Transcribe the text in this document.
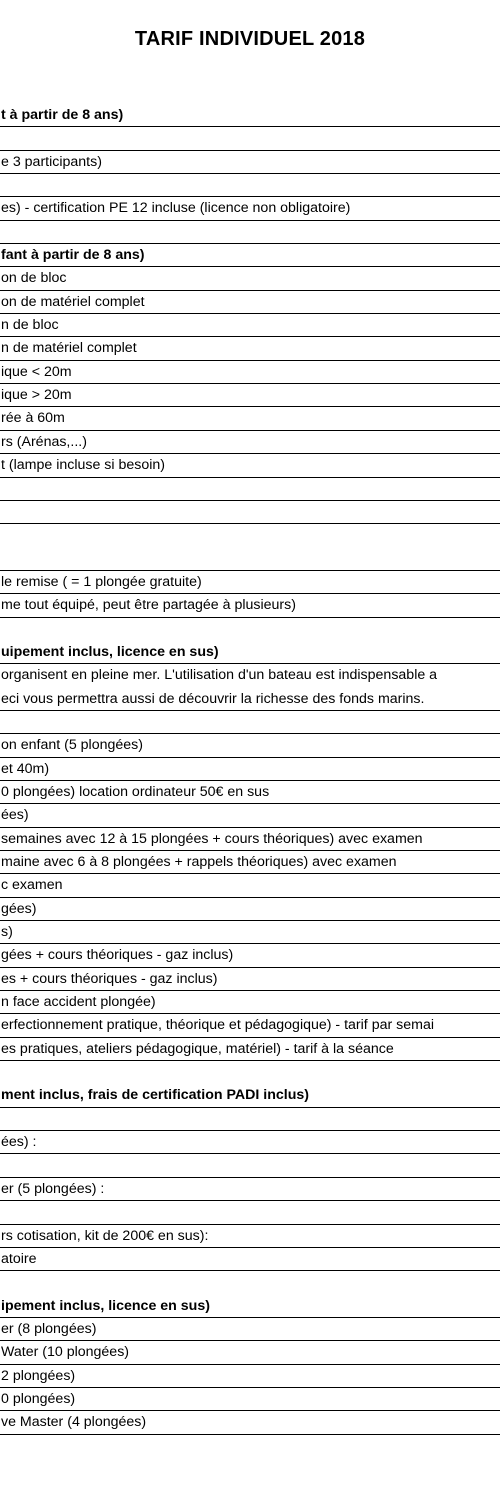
TARIF INDIVIDUEL 2018
t à partir de 8 ans)
e 3 participants)
es) - certification PE 12 incluse (licence non obligatoire)
fant à partir de 8 ans)
on de bloc
on de matériel complet
n de bloc
n de matériel complet
ique < 20m
ique > 20m
rée à 60m
rs (Arénas,...)
t (lampe incluse si besoin)
le remise ( = 1 plongée gratuite)
me tout équipé, peut être partagée à plusieurs)
uipement inclus, licence en sus)
organisent en pleine mer. L'utilisation d'un bateau est indispensable a
eci vous permettra aussi de découvrir la richesse des fonds marins.
on enfant (5 plongées)
et 40m)
0 plongées) location ordinateur 50€ en sus
ées)
semaines avec 12 à 15 plongées + cours théoriques) avec examen
maine avec 6 à 8 plongées + rappels théoriques) avec examen
c examen
gées)
s)
gées + cours théoriques - gaz inclus)
es + cours théoriques - gaz inclus)
n face accident plongée)
erfectionnement pratique, théorique et pédagogique) - tarif par semai
es pratiques, ateliers pédagogique, matériel) - tarif à la séance
ment inclus, frais de certification PADI inclus)
ées) :
er (5 plongées) :
rs cotisation, kit de 200€ en sus):
atoire
ipement inclus, licence en sus)
er (8 plongées)
Water (10 plongées)
2 plongées)
0 plongées)
ve Master (4 plongées)
